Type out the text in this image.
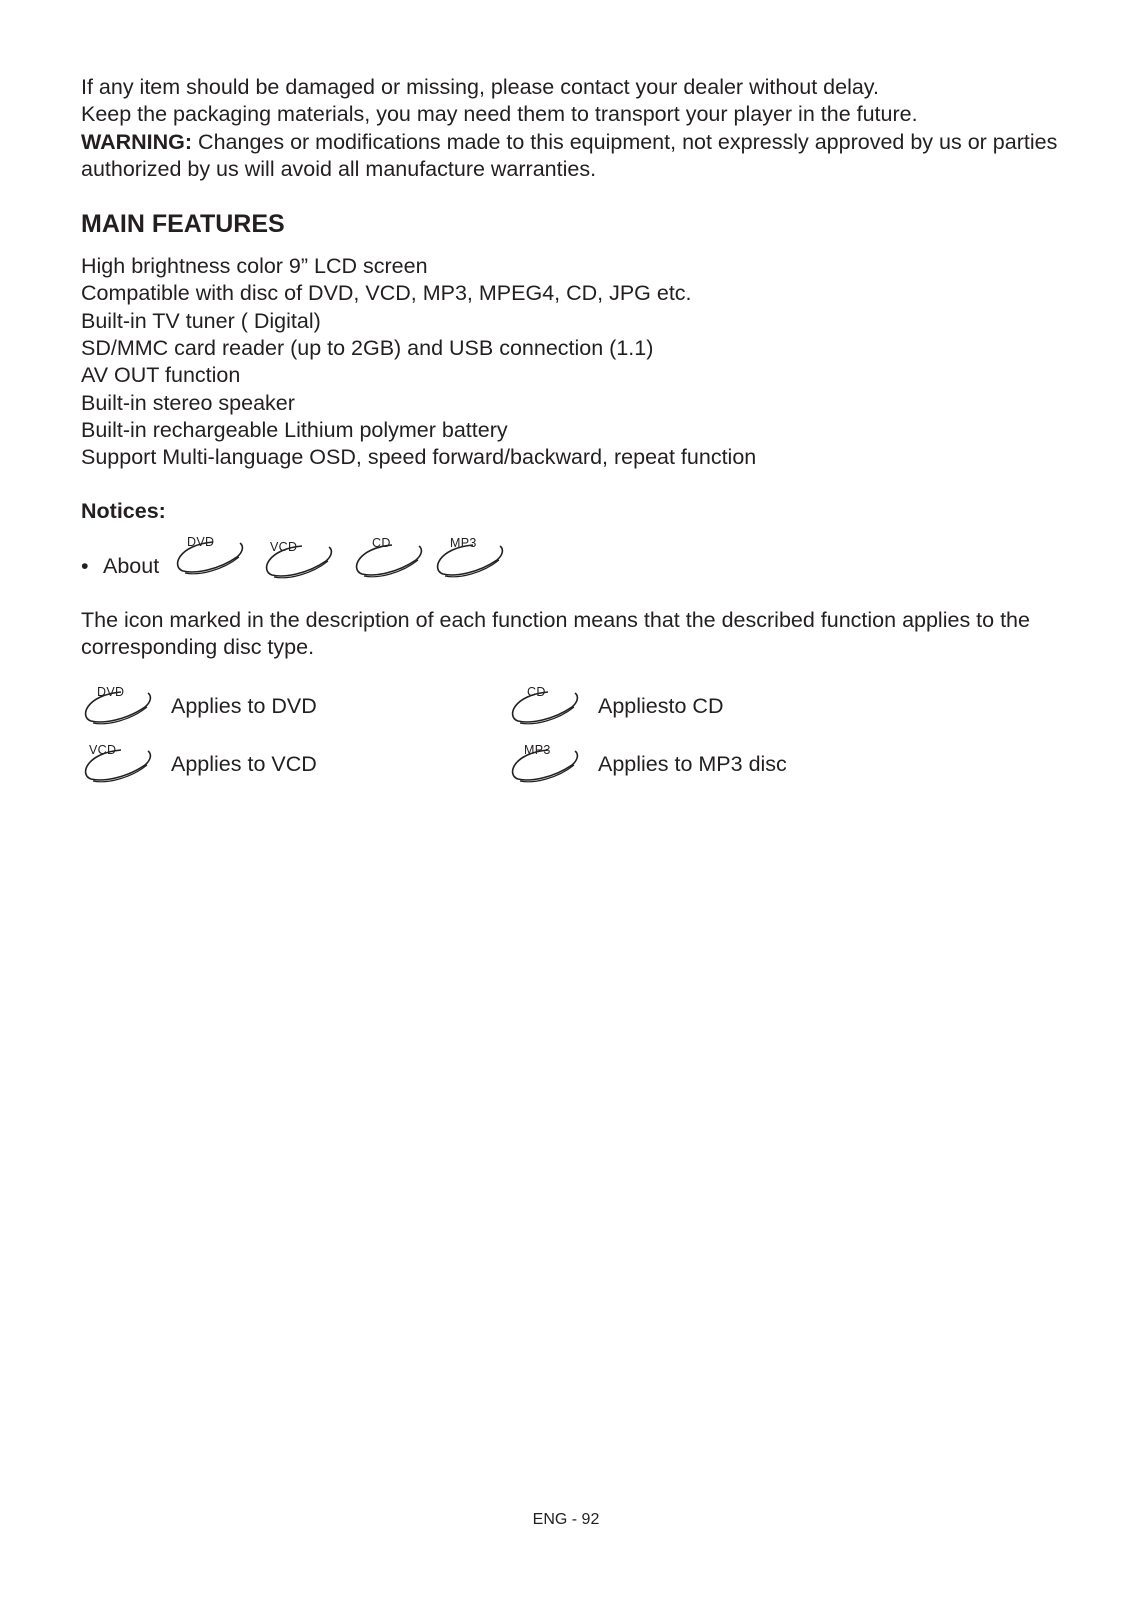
If any item should be damaged or missing, please contact your dealer without delay.

Keep the packaging materials, you may need them to transport your player in the future.

WARNING: Changes or modifications made to this equipment, not expressly approved by us or parties authorized by us will avoid all manufacture warranties.

MAIN FEATURES
High brightness color 9” LCD screen
Compatible with disc of DVD, VCD, MP3, MPEG4, CD, JPG etc.
Built-in TV tuner ( Digital)
SD/MMC card reader (up to 2GB) and USB connection (1.1)
AV OUT function
Built-in stereo speaker
Built-in rechargeable Lithium polymer battery
Support Multi-language OSD, speed forward/backward, repeat function

Notices:

• About
DVD	VCD	CD	MP3

The icon marked in the description of each function means that the described function applies to the corresponding disc type.

DVD
Applies to DVD
CD
Appliesto CD
VCD
Applies to VCD
MP3
Applies to MP3 disc
ENG - 92
